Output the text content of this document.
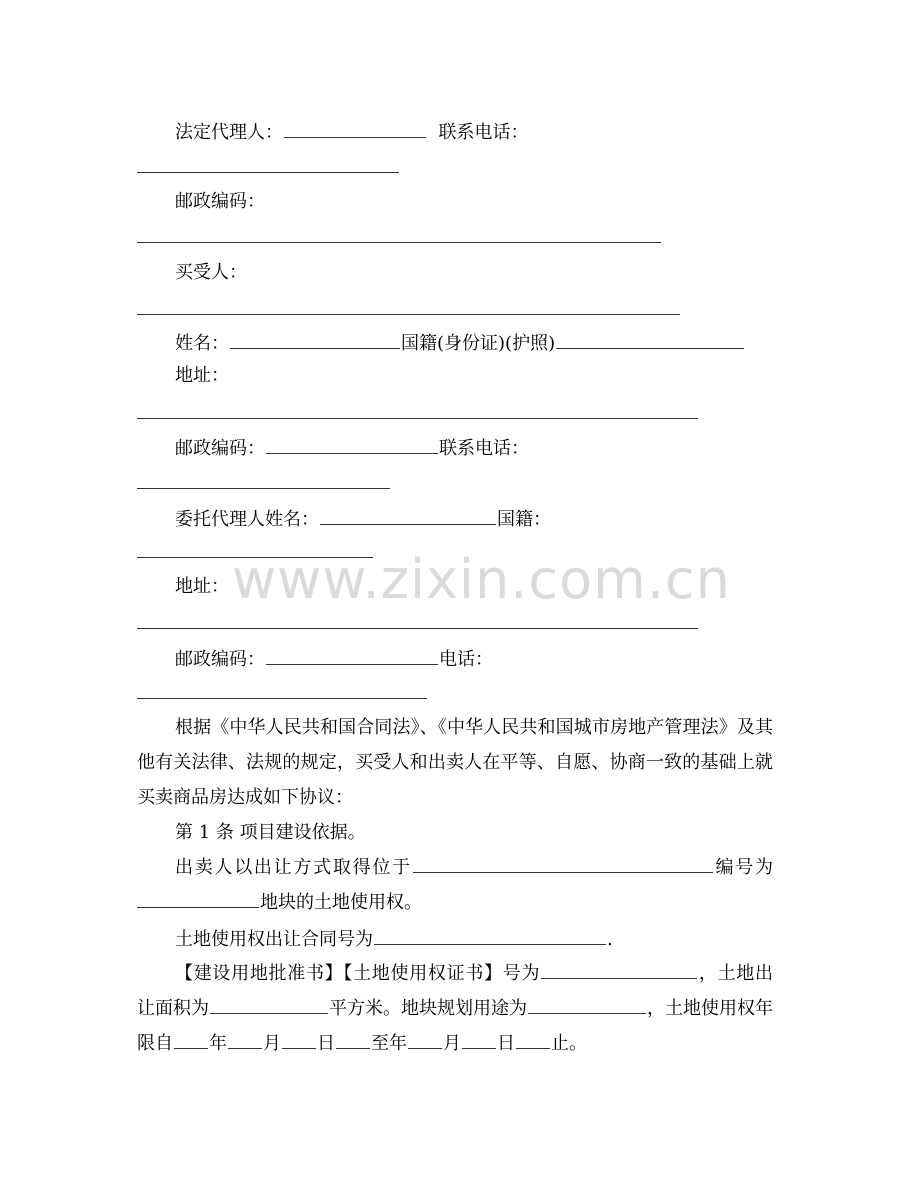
法定代理人：	联系电话：
邮政编码：
买受人：
姓名：	国籍(身份证)(护照)
地址：
邮政编码：	联系电话：
委托代理人姓名：	国籍：
地址：
邮政编码：	电话：
根据《中华人民共和国合同法》、《中华人民共和国城市房地产管理法》及其他有关法律、法规的规定，买受人和出卖人在平等、自愿、协商一致的基础上就买卖商品房达成如下协议：
第 1 条 项目建设依据。
出卖人以出让方式取得位于	编号为地块的土地使用权。
土地使用权出让合同号为	.
【建设用地批准书】【土地使用权证书】号为	，土地出让面积为	平方米。地块规划用途为	，土地使用权年限自 年 月 日 至年 月 日 止。
www.zixin.com.cn
